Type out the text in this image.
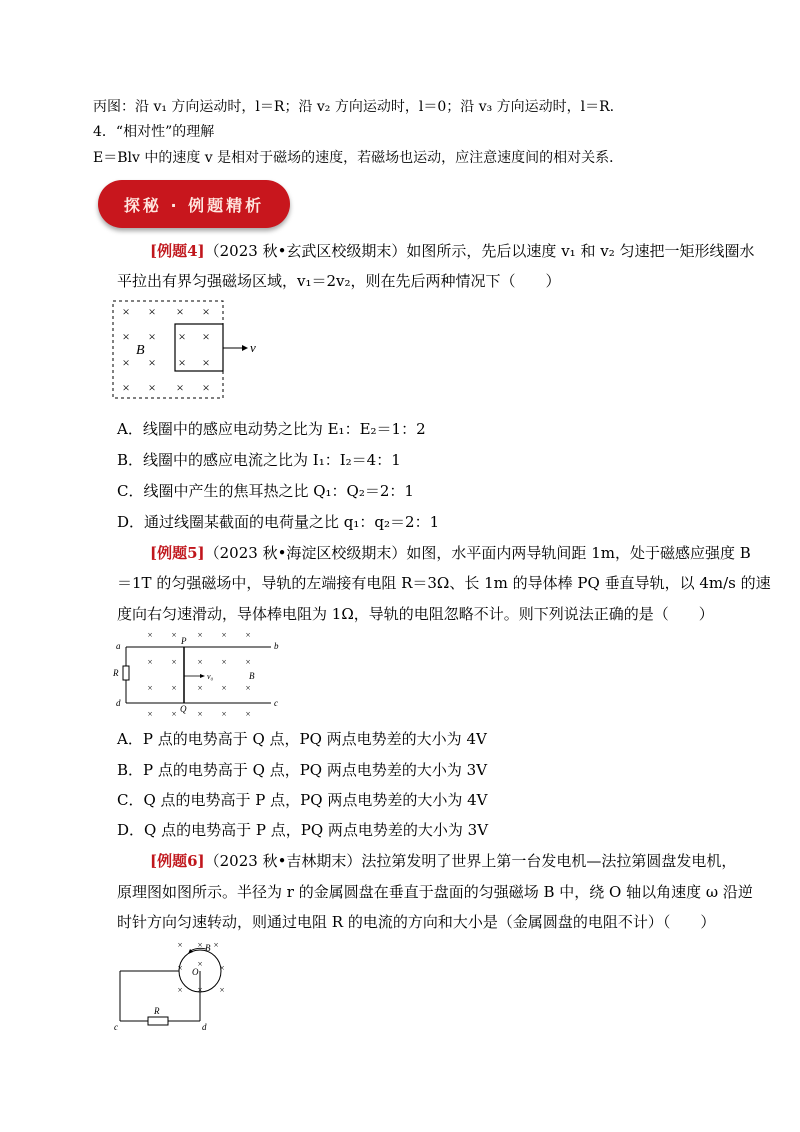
丙图：沿 v₁ 方向运动时，l＝R；沿 v₂ 方向运动时，l＝0；沿 v₃ 方向运动时，l＝R.
4．“相对性”的理解
E＝Blv 中的速度 v 是相对于磁场的速度，若磁场也运动，应注意速度间的相对关系．
探秘 · 例题精析
[例题4]（2023 秋•玄武区校级期末）如图所示，先后以速度 v₁ 和 v₂ 匀速把一矩形线圈水
平拉出有界匀强磁场区域，v₁＝2v₂，则在先后两种情况下（　　）
× × × ×
× × × ×
× × × ×
× × × ×
B	v
A．线圈中的感应电动势之比为 E₁：E₂＝1：2
B．线圈中的感应电流之比为 I₁：I₂＝4：1
C．线圈中产生的焦耳热之比 Q₁：Q₂＝2：1
D．通过线圈某截面的电荷量之比 q₁：q₂＝2：1
[例题5]（2023 秋•海淀区校级期末）如图，水平面内两导轨间距 1m，处于磁感应强度 B
＝1T 的匀强磁场中，导轨的左端接有电阻 R＝3Ω、长 1m 的导体棒 PQ 垂直导轨，以 4m/s 的速
度向右匀速滑动，导体棒电阻为 1Ω，导轨的电阻忽略不计。则下列说法正确的是（　　）
× × × × ×
× × × × ×
× × × × ×
× × × × ×
a	b
c
d
P
Q
R	v₀	B
A．P 点的电势高于 Q 点，PQ 两点电势差的大小为 4V
B．P 点的电势高于 Q 点，PQ 两点电势差的大小为 3V
C．Q 点的电势高于 P 点，PQ 两点电势差的大小为 4V
D．Q 点的电势高于 P 点，PQ 两点电势差的大小为 3V
[例题6]（2023 秋•吉林期末）法拉第发明了世界上第一台发电机—法拉第圆盘发电机，
原理图如图所示。半径为 r 的金属圆盘在垂直于盘面的匀强磁场 B 中，绕 O 轴以角速度 ω 沿逆
时针方向匀速转动，则通过电阻 R 的电流的方向和大小是（金属圆盘的电阻不计）（　　）
× × ×
× × ×
× × ×
B
O
R
c	d
